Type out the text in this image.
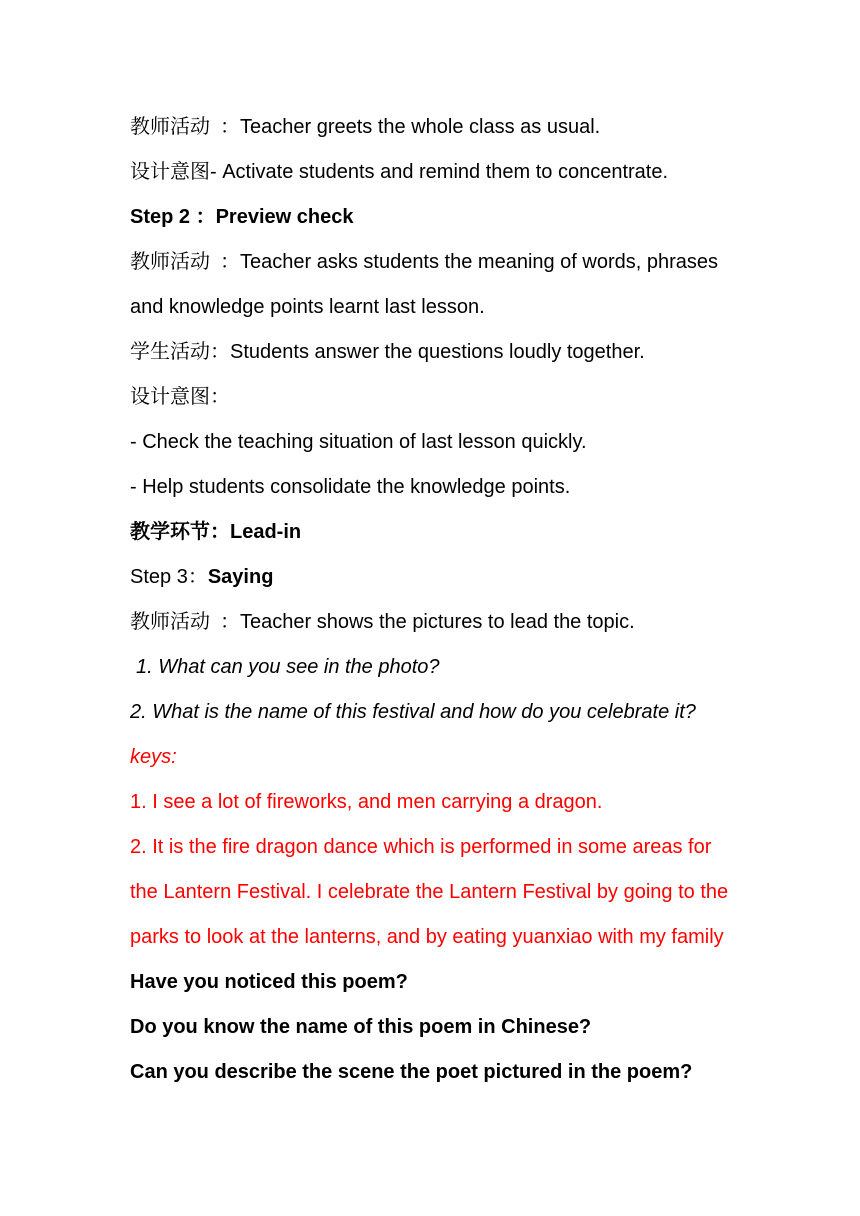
教师活动 ：Teacher greets the whole class as usual.
设计意图- Activate students and remind them to concentrate.
Step 2 ：Preview check
教师活动 ：Teacher asks students the meaning of words, phrases
and knowledge points learnt last lesson.
学生活动：Students answer the questions loudly together.
设计意图：
- Check the teaching situation of last lesson quickly.
- Help students consolidate the knowledge points.
教学环节：Lead-in
Step 3：Saying
教师活动 ：Teacher shows the pictures to lead the topic.
1. What can you see in the photo?
2. What is the name of this festival and how do you celebrate it?
keys:
1. I see a lot of fireworks, and men carrying a dragon.
2. It is the fire dragon dance which is performed in some areas for
the Lantern Festival. I celebrate the Lantern Festival by going to the
parks to look at the lanterns, and by eating yuanxiao with my family
Have you noticed this poem?
Do you know the name of this poem in Chinese?
Can you describe the scene the poet pictured in the poem?
